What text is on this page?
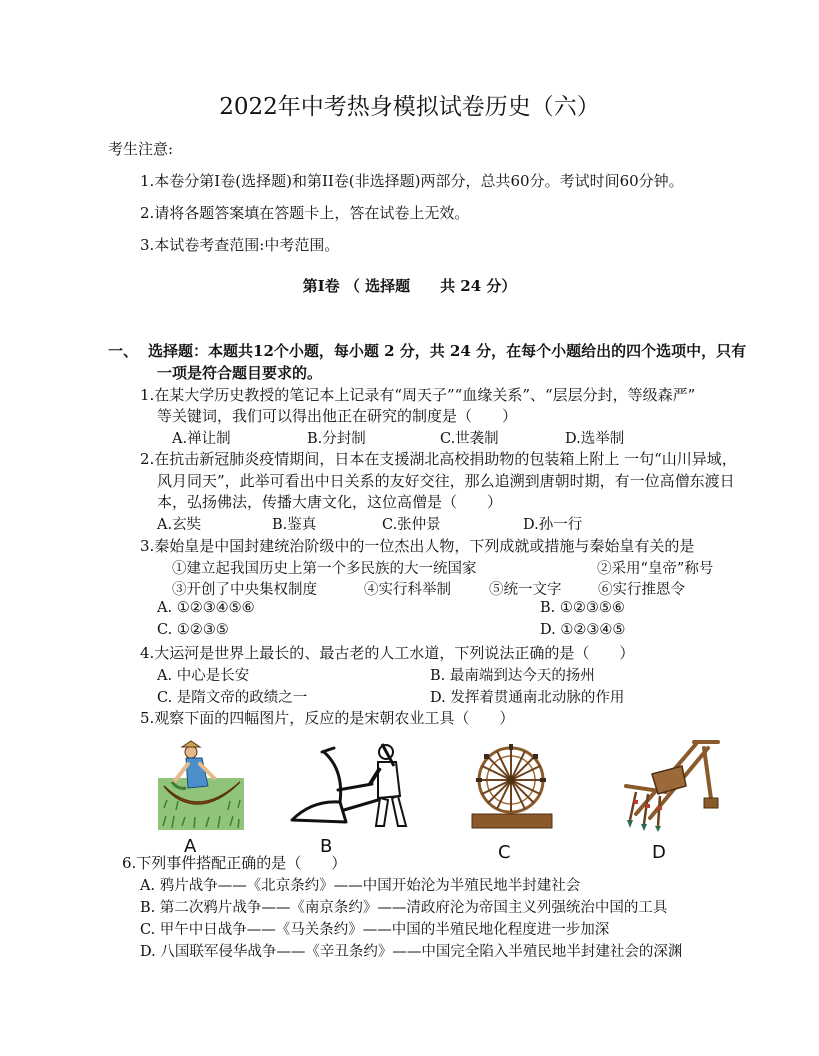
2022年中考热身模拟试卷历史（六）
考生注意:
1.本卷分第I卷(选择题)和第II卷(非选择题)两部分，总共60分。考试时间60分钟。
2.请将各题答案填在答题卡上，答在试卷上无效。
3.本试卷考查范围:中考范围。
第Ⅰ卷 （ 选择题　　共 24 分）
一、 选择题：本题共12个小题，每小题 2 分，共 24 分，在每个小题给出的四个选项中，只有
一项是符合题目要求的。
1.在某大学历史教授的笔记本上记录有“周天子”“血缘关系”、“层层分封，等级森严”
等关键词，我们可以得出他正在研究的制度是（　　）
A.禅让制	B.分封制	C.世袭制	D.选举制
2.在抗击新冠肺炎疫情期间，日本在支援湖北高校捐助物的包装箱上附上 一句“山川异域，
风月同天”，此举可看出中日关系的友好交往，那么追溯到唐朝时期，有一位高僧东渡日
本，弘扬佛法，传播大唐文化，这位高僧是（　　）
A.玄奘	B.鉴真	C.张仲景	D.孙一行
3.秦始皇是中国封建统治阶级中的一位杰出人物，下列成就或措施与秦始皇有关的是
①建立起我国历史上第一个多民族的大一统国家	②采用“皇帝”称号
③开创了中央集权制度	④实行科举制	⑤统一文字	⑥实行推恩令
A. ①②③④⑤⑥	B. ①②③⑤⑥
C. ①②③⑤	D. ①②③④⑤
4.大运河是世界上最长的、最古老的人工水道，下列说法正确的是（　　）
A. 中心是长安	B. 最南端到达今天的扬州
C. 是隋文帝的政绩之一	D. 发挥着贯通南北动脉的作用
5.观察下面的四幅图片，反应的是宋朝农业工具（　　）
A	B	C	D
6.下列事件搭配正确的是（　　）
A. 鸦片战争——《北京条约》——中国开始沦为半殖民地半封建社会
B. 第二次鸦片战争——《南京条约》——清政府沦为帝国主义列强统治中国的工具
C. 甲午中日战争——《马关条约》——中国的半殖民地化程度进一步加深
D. 八国联军侵华战争——《辛丑条约》——中国完全陷入半殖民地半封建社会的深渊
